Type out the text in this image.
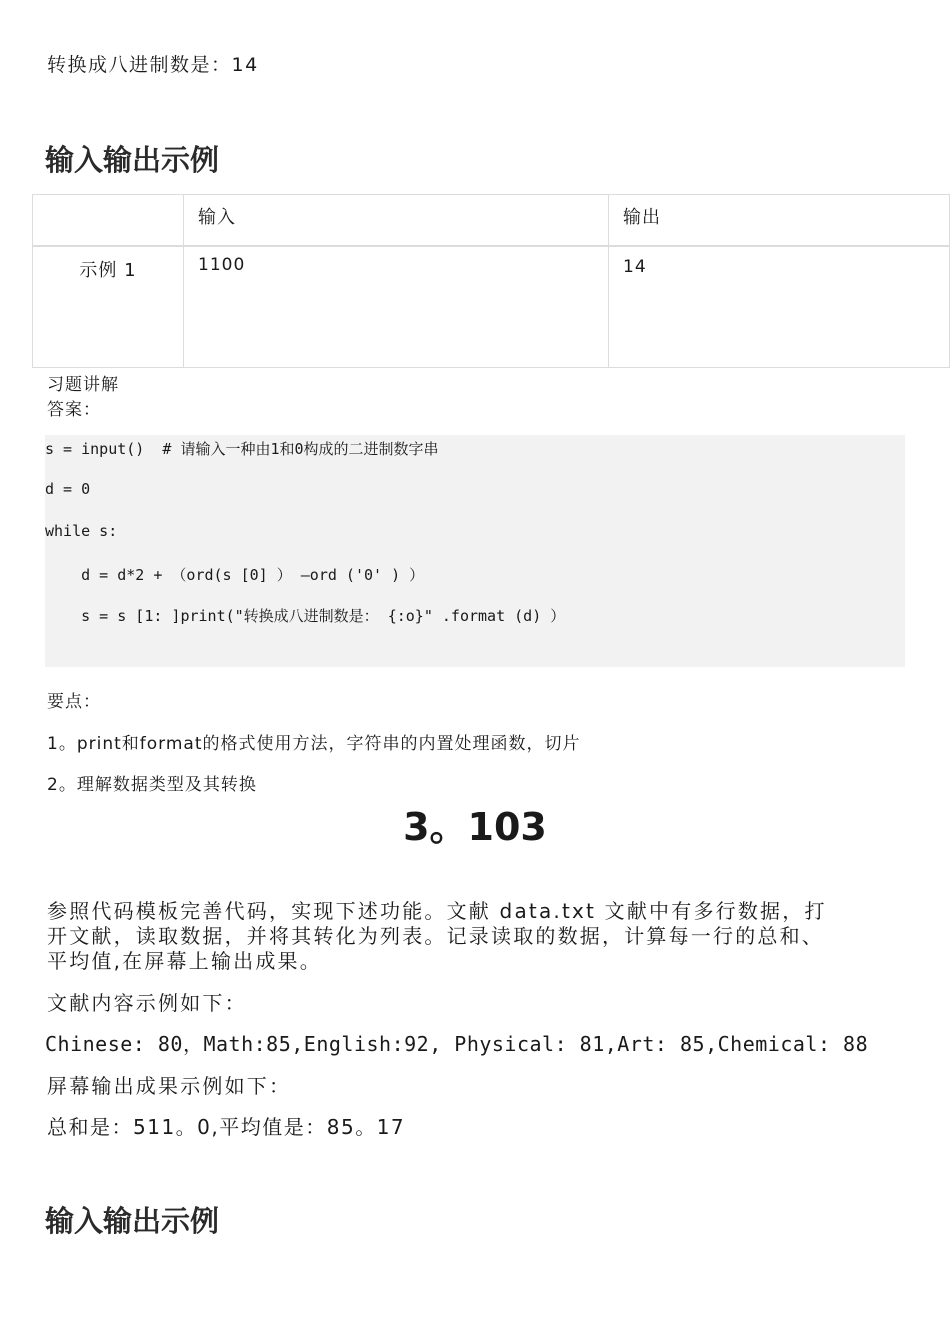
转换成八进制数是：14
输入输出示例
	输入	输出
示例 1	1100	14
习题讲解
答案：
s = input()  # 请输入一种由1和0构成的二进制数字串
d = 0
while s:
d = d*2 + （ord(s [0] ） —ord ('0' ) ）
s = s [1: ]print("转换成八进制数是： {:o}" .format (d) ）
要点：
1。print和format的格式使用方法，字符串的内置处理函数，切片
2。理解数据类型及其转换
3。103
参照代码模板完善代码，实现下述功能。文献 data.txt 文献中有多行数据，打
开文献，读取数据，并将其转化为列表。记录读取的数据，计算每一行的总和、
平均值,在屏幕上输出成果。
文献内容示例如下：
Chinese: 80，Math:85,English:92, Physical: 81,Art: 85,Chemical: 88
屏幕输出成果示例如下：
总和是：511。0,平均值是：85。17
输入输出示例
